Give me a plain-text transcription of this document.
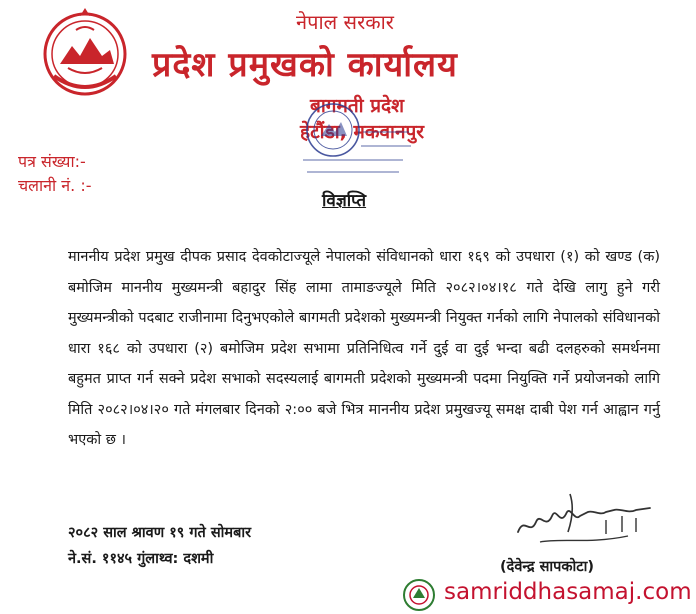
नेपाल सरकार
प्रदेश प्रमुखको कार्यालय
बागमती प्रदेश
हेटौंडा, मकवानपुर
पत्र संख्या:-
चलानी नं. :-
विज्ञप्ति

माननीय प्रदेश प्रमुख दीपक प्रसाद देवकोटाज्यूले नेपालको संविधानको धारा १६९ को उपधारा (१) को खण्ड (क) बमोजिम माननीय मुख्यमन्त्री बहादुर सिंह लामा तामाङज्यूले मिति २०८२।०४।१८ गते देखि लागु हुने गरी मुख्यमन्त्रीको पदबाट राजीनामा दिनुभएकोले बागमती प्रदेशको मुख्यमन्त्री नियुक्त गर्नको लागि नेपालको संविधानको धारा १६८ को उपधारा (२) बमोजिम प्रदेश सभामा प्रतिनिधित्व गर्ने दुई वा दुई भन्दा बढी दलहरुको समर्थनमा बहुमत प्राप्त गर्न सक्ने प्रदेश सभाको सदस्यलाई बागमती प्रदेशको मुख्यमन्त्री पदमा नियुक्ति गर्ने प्रयोजनको लागि मिति २०८२।०४।२० गते मंगलबार दिनको २:०० बजे भित्र माननीय प्रदेश प्रमुखज्यू समक्ष दाबी पेश गर्न आह्वान गर्नु भएको छ ।

२०८२ साल श्रावण १९ गते सोमबार
ने.सं. ११४५ गुंलाथ्व: दशमी	(देवेन्द्र सापकोटा)
samriddhasamaj.com
